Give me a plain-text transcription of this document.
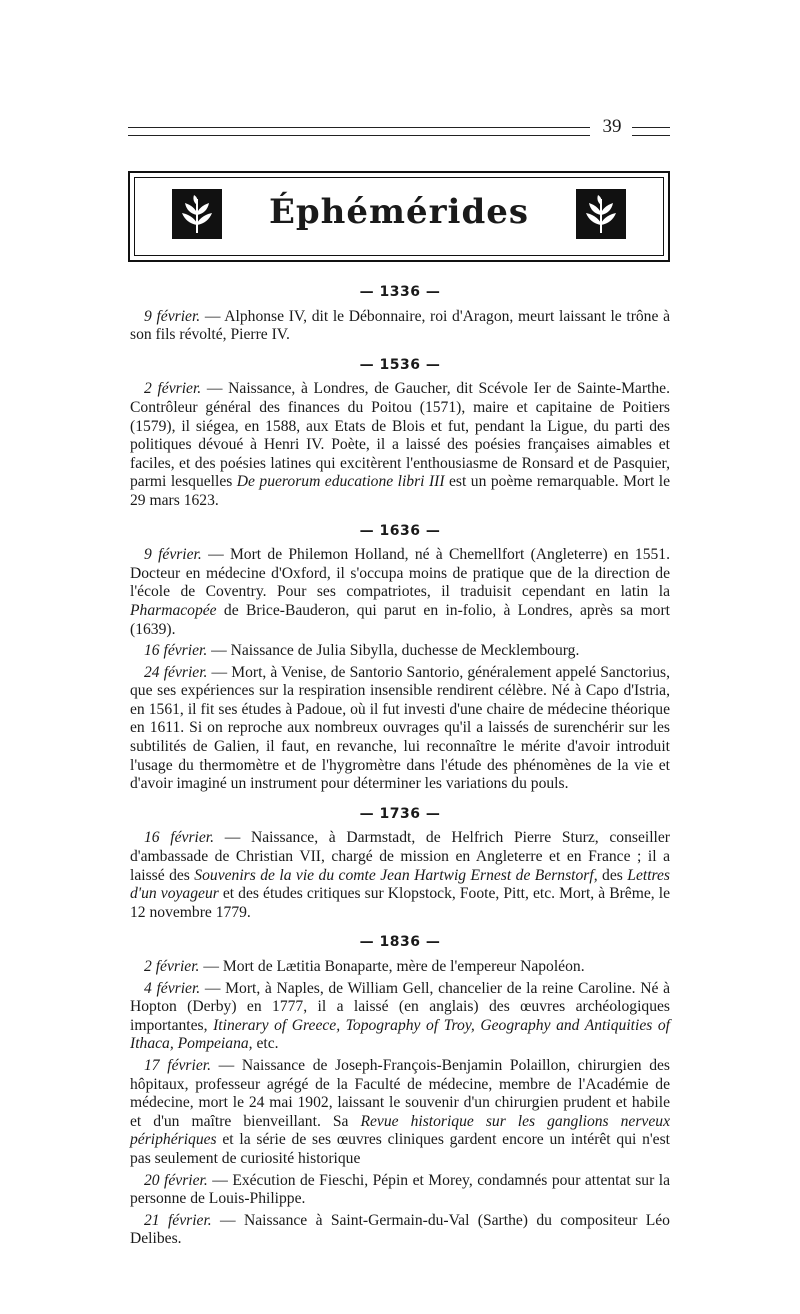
39
Éphémérides
— 1336 —

9 février. — Alphonse IV, dit le Débonnaire, roi d'Aragon, meurt laissant le trône à son fils révolté, Pierre IV.

— 1536 —

2 février. — Naissance, à Londres, de Gaucher, dit Scévole Ier de Sainte-Marthe. Contrôleur général des finances du Poitou (1571), maire et capitaine de Poitiers (1579), il siégea, en 1588, aux Etats de Blois et fut, pendant la Ligue, du parti des politiques dévoué à Henri IV. Poète, il a laissé des poésies françaises aimables et faciles, et des poésies latines qui excitèrent l'enthousiasme de Ronsard et de Pasquier, parmi lesquelles De puerorum educatione libri III est un poème remarquable. Mort le 29 mars 1623.

— 1636 —

9 février. — Mort de Philemon Holland, né à Chemellfort (Angleterre) en 1551. Docteur en médecine d'Oxford, il s'occupa moins de pratique que de la direction de l'école de Coventry. Pour ses compatriotes, il traduisit cependant en latin la Pharmacopée de Brice-Bauderon, qui parut en in-folio, à Londres, après sa mort (1639).

16 février. — Naissance de Julia Sibylla, duchesse de Mecklembourg.

24 février. — Mort, à Venise, de Santorio Santorio, généralement appelé Sanctorius, que ses expériences sur la respiration insensible rendirent célèbre. Né à Capo d'Istria, en 1561, il fit ses études à Padoue, où il fut investi d'une chaire de médecine théorique en 1611. Si on reproche aux nombreux ouvrages qu'il a laissés de surenchérir sur les subtilités de Galien, il faut, en revanche, lui reconnaître le mérite d'avoir introduit l'usage du thermomètre et de l'hygromètre dans l'étude des phénomènes de la vie et d'avoir imaginé un instrument pour déterminer les variations du pouls.

— 1736 —

16 février. — Naissance, à Darmstadt, de Helfrich Pierre Sturz, conseiller d'ambassade de Christian VII, chargé de mission en Angleterre et en France ; il a laissé des Souvenirs de la vie du comte Jean Hartwig Ernest de Bernstorf, des Lettres d'un voyageur et des études critiques sur Klopstock, Foote, Pitt, etc. Mort, à Brême, le 12 novembre 1779.

— 1836 —

2 février. — Mort de Lætitia Bonaparte, mère de l'empereur Napoléon.

4 février. — Mort, à Naples, de William Gell, chancelier de la reine Caroline. Né à Hopton (Derby) en 1777, il a laissé (en anglais) des œuvres archéologiques importantes, Itinerary of Greece, Topography of Troy, Geography and Antiquities of Ithaca, Pompeiana, etc.

17 février. — Naissance de Joseph-François-Benjamin Polaillon, chirurgien des hôpitaux, professeur agrégé de la Faculté de médecine, membre de l'Académie de médecine, mort le 24 mai 1902, laissant le souvenir d'un chirurgien prudent et habile et d'un maître bienveillant. Sa Revue historique sur les ganglions nerveux périphériques et la série de ses œuvres cliniques gardent encore un intérêt qui n'est pas seulement de curiosité historique

20 février. — Exécution de Fieschi, Pépin et Morey, condamnés pour attentat sur la personne de Louis-Philippe.

21 février. — Naissance à Saint-Germain-du-Val (Sarthe) du compositeur Léo Delibes.
